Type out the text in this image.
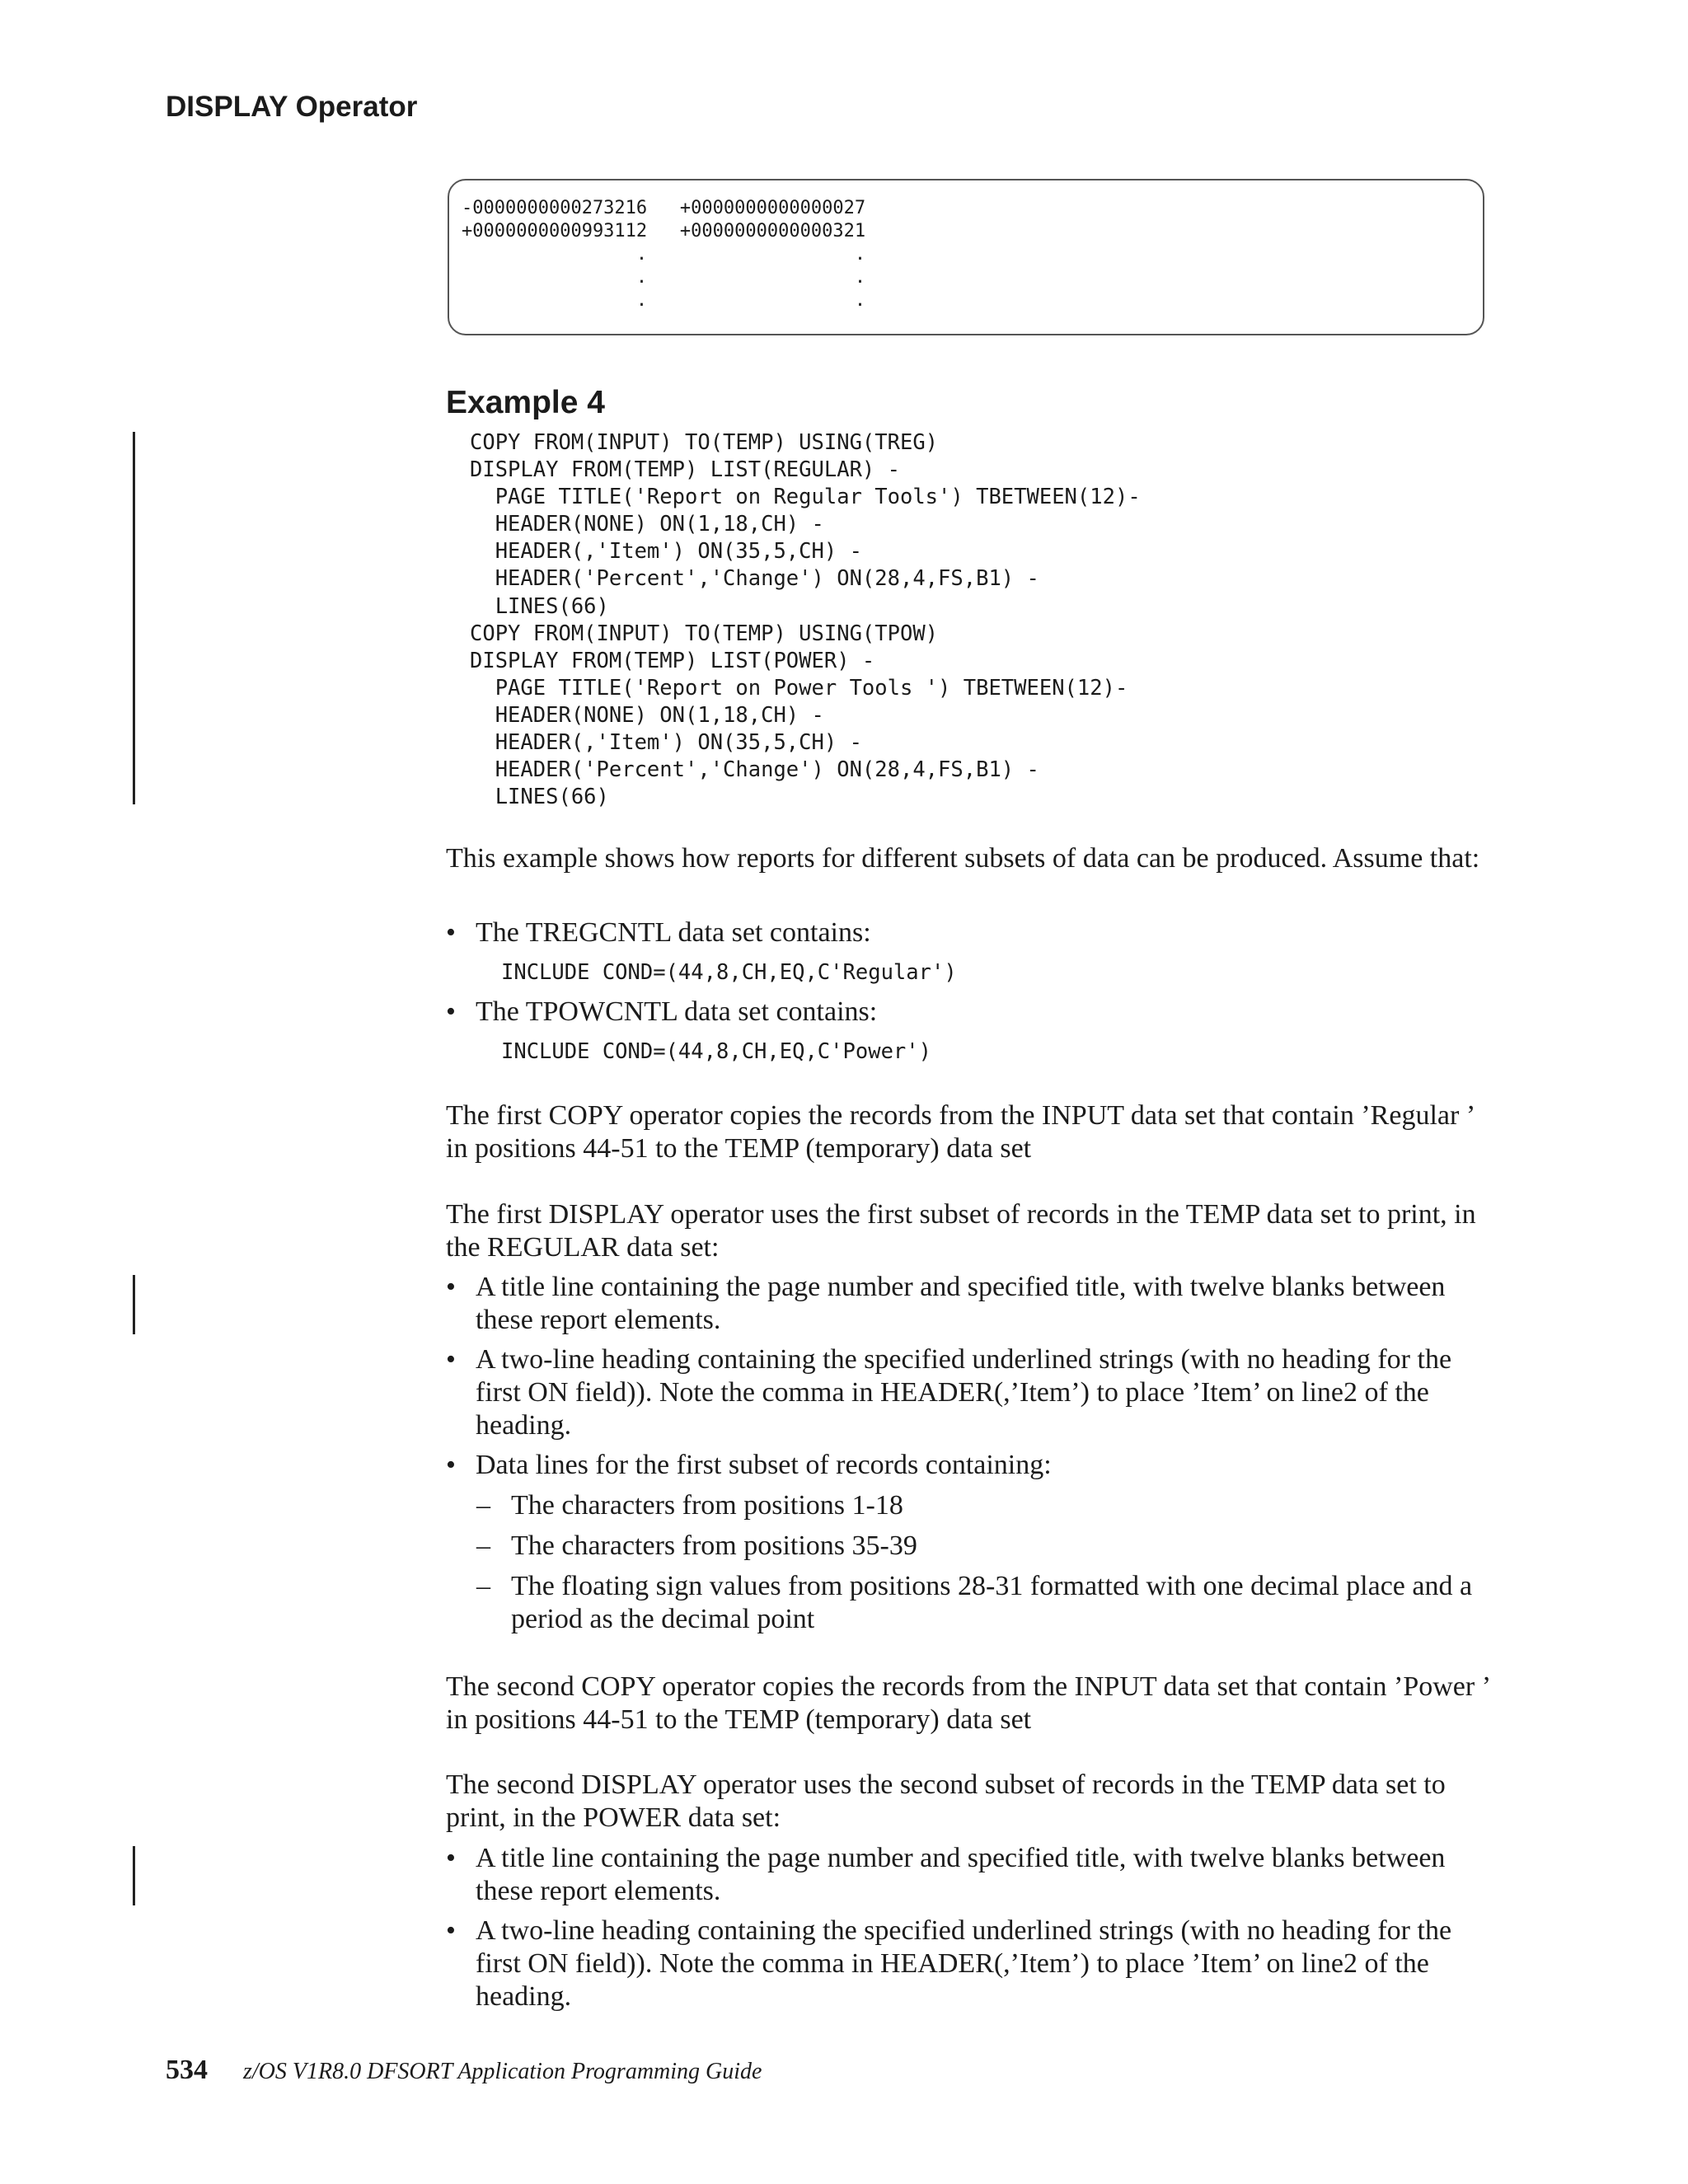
DISPLAY Operator
-0000000000273216   +0000000000000027
+0000000000993112   +0000000000000321
.                   .
.                   .
.                   .
Example 4
COPY FROM(INPUT) TO(TEMP) USING(TREG)
DISPLAY FROM(TEMP) LIST(REGULAR) -
PAGE TITLE('Report on Regular Tools') TBETWEEN(12)-
HEADER(NONE) ON(1,18,CH) -
HEADER(,'Item') ON(35,5,CH) -
HEADER('Percent','Change') ON(28,4,FS,B1) -
LINES(66)
COPY FROM(INPUT) TO(TEMP) USING(TPOW)
DISPLAY FROM(TEMP) LIST(POWER) -
PAGE TITLE('Report on Power Tools ') TBETWEEN(12)-
HEADER(NONE) ON(1,18,CH) -
HEADER(,'Item') ON(35,5,CH) -
HEADER('Percent','Change') ON(28,4,FS,B1) -
LINES(66)

This example shows how reports for different subsets of data can be produced. Assume that:

• The TREGCNTL data set contains:
INCLUDE COND=(44,8,CH,EQ,C'Regular')
• The TPOWCNTL data set contains:
INCLUDE COND=(44,8,CH,EQ,C'Power')

The first COPY operator copies the records from the INPUT data set that contain ’Regular ’ in positions 44-51 to the TEMP (temporary) data set

The first DISPLAY operator uses the first subset of records in the TEMP data set to print, in the REGULAR data set:

• A title line containing the page number and specified title, with twelve blanks between these report elements.
• A two-line heading containing the specified underlined strings (with no heading for the first ON field)). Note the comma in HEADER(,’Item’) to place ’Item’ on line2 of the heading.
• Data lines for the first subset of records containing:
– The characters from positions 1-18
– The characters from positions 35-39
– The floating sign values from positions 28-31 formatted with one decimal place and a period as the decimal point

The second COPY operator copies the records from the INPUT data set that contain ’Power ’ in positions 44-51 to the TEMP (temporary) data set

The second DISPLAY operator uses the second subset of records in the TEMP data set to print, in the POWER data set:

• A title line containing the page number and specified title, with twelve blanks between these report elements.
• A two-line heading containing the specified underlined strings (with no heading for the first ON field)). Note the comma in HEADER(,’Item’) to place ’Item’ on line2 of the heading.
534 z/OS V1R8.0 DFSORT Application Programming Guide
